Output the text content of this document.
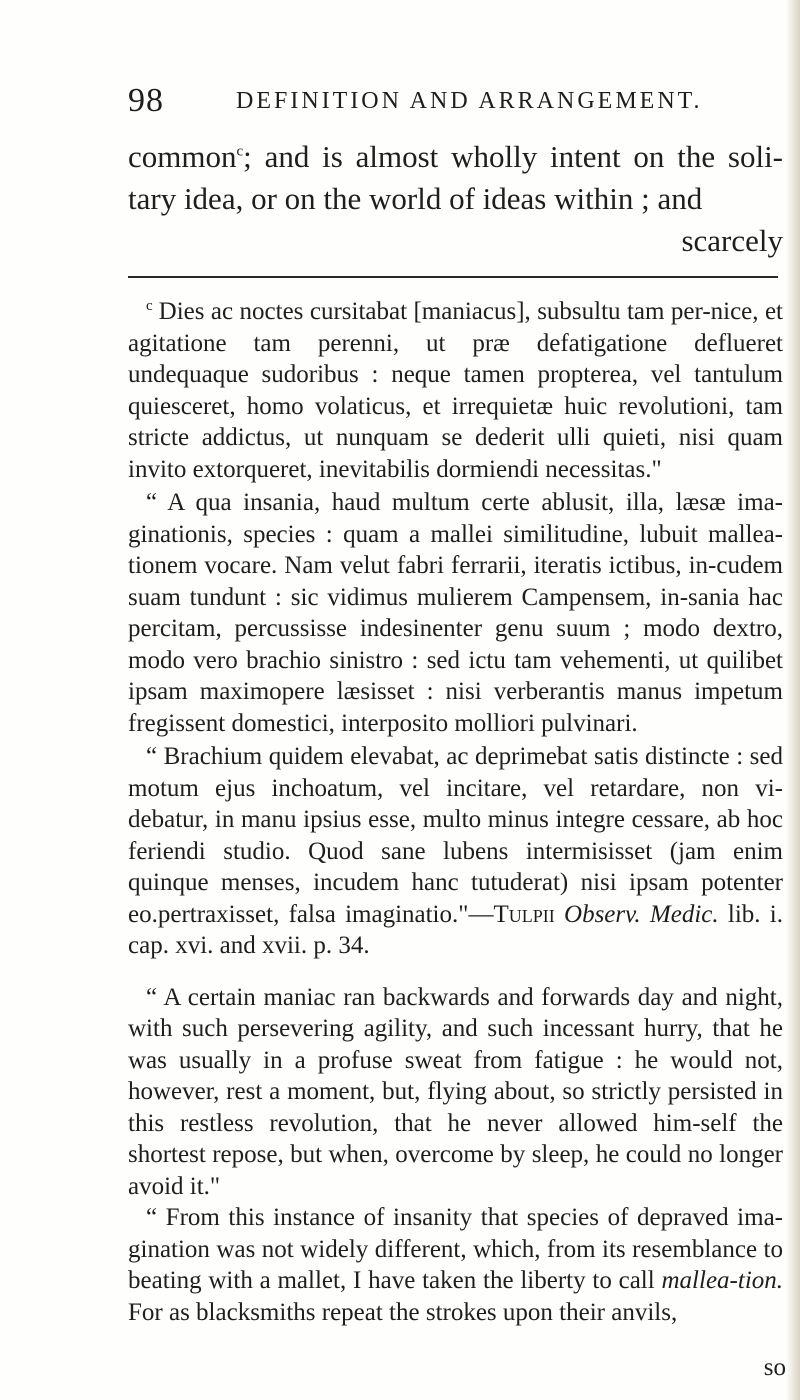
98	DEFINITION AND ARRANGEMENT.

common$^c$; and is almost wholly intent on the soli-tary idea, or on the world of ideas within ; and

scarcely

$^c$ Dies ac noctes cursitabat [maniacus], subsultu tam per-nice, et agitatione tam perenni, ut præ defatigatione deflueret undequaque sudoribus : neque tamen propterea, vel tantulum quiesceret, homo volaticus, et irrequietæ huic revolutioni, tam stricte addictus, ut nunquam se dederit ulli quieti, nisi quam invito extorqueret, inevitabilis dormiendi necessitas."

“ A qua insania, haud multum certe ablusit, illa, læsæ ima-ginationis, species : quam a mallei similitudine, lubuit mallea-tionem vocare. Nam velut fabri ferrarii, iteratis ictibus, in-cudem suam tundunt : sic vidimus mulierem Campensem, in-sania hac percitam, percussisse indesinenter genu suum ; modo dextro, modo vero brachio sinistro : sed ictu tam vehementi, ut quilibet ipsam maximopere læsisset : nisi verberantis manus impetum fregissent domestici, interposito molliori pulvinari.

“ Brachium quidem elevabat, ac deprimebat satis distincte : sed motum ejus inchoatum, vel incitare, vel retardare, non vi-debatur, in manu ipsius esse, multo minus integre cessare, ab hoc feriendi studio. Quod sane lubens intermisisset (jam enim quinque menses, incudem hanc tutuderat) nisi ipsam potenter eo.pertraxisset, falsa imaginatio."—Tulpii Observ. Medic. lib. i. cap. xvi. and xvii. p. 34.

“ A certain maniac ran backwards and forwards day and night, with such persevering agility, and such incessant hurry, that he was usually in a profuse sweat from fatigue : he would not, however, rest a moment, but, flying about, so strictly persisted in this restless revolution, that he never allowed him-self the shortest repose, but when, overcome by sleep, he could no longer avoid it."

“ From this instance of insanity that species of depraved ima-gination was not widely different, which, from its resemblance to beating with a mallet, I have taken the liberty to call mallea-tion. For as blacksmiths repeat the strokes upon their anvils,

so
